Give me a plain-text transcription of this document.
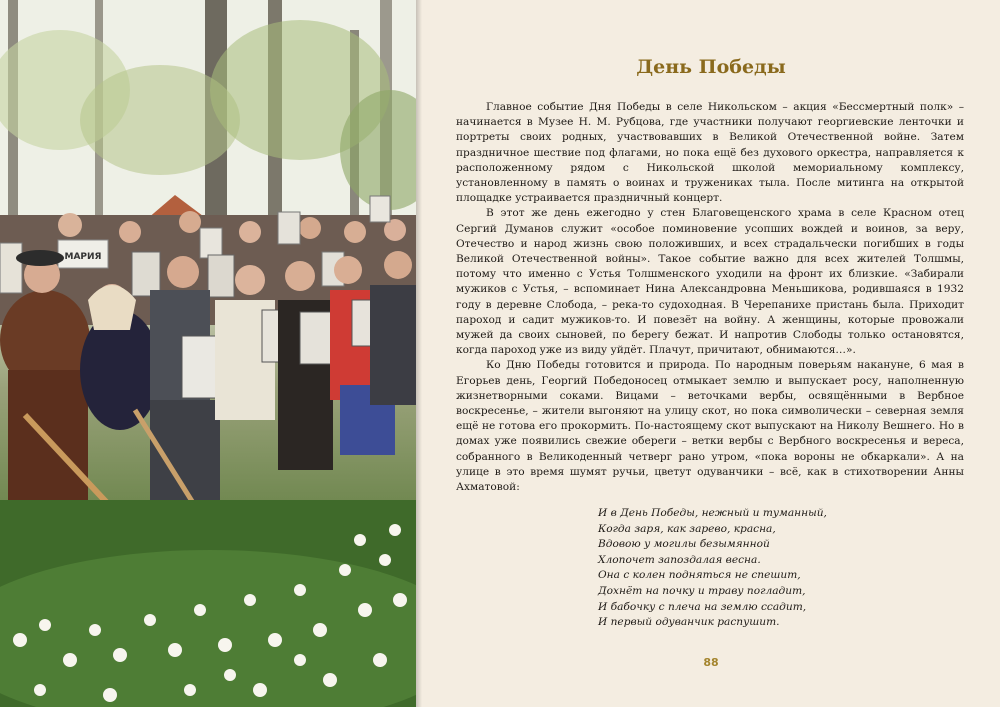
МАРИЯ
День Победы

Главное событие Дня Победы в селе Никольском – акция «Бессмертный полк» – начинается в Музее Н. М. Рубцова, где участники получают георгиевские ленточки и портреты своих родных, участвовавших в Великой Отечественной войне. Затем праздничное шествие под флагами, но пока ещё без духового оркестра, направляется к расположенному рядом с Никольской школой мемориальному комплексу, установленному в память о воинах и тружениках тыла. После митинга на открытой площадке устраивается праздничный концерт.

В этот же день ежегодно у стен Благовещенского храма в селе Красном отец Сергий Думанов служит «особое поминовение усопших вождей и воинов, за веру, Отечество и народ жизнь свою положивших, и всех страдальчески погибших в годы Великой Отечественной войны». Такое событие важно для всех жителей Толшмы, потому что именно с Устья Толшменского уходили на фронт их близкие. «Забирали мужиков с Устья, – вспоминает Нина Александровна Меньшикова, родившаяся в 1932 году в деревне Слобода, – река-то судоходная. В Черепанихе пристань была. Приходит пароход и садит мужиков-то. И повезёт на войну. А женщины, которые провожали мужей да своих сыновей, по берегу бежат. И напротив Слободы только остановятся, когда пароход уже из виду уйдёт. Плачут, причитают, обнимаются…».

Ко Дню Победы готовится и природа. По народным поверьям накануне, 6 мая в Егорьев день, Георгий Победоносец отмыкает землю и выпускает росу, наполненную жизнетворными соками. Вицами – веточками вербы, освящёнными в Вербное воскресенье, – жители выгоняют на улицу скот, но пока символически – северная земля ещё не готова его прокормить. По-настоящему скот выпускают на Николу Вешнего. Но в домах уже появились свежие обереги – ветки вербы с Вербного воскресенья и вереса, собранного в Великоденный четверг рано утром, «пока вороны не обкаркали». А на улице в это время шумят ручьи, цветут одуванчики – всё, как в стихотворении Анны Ахматовой:

И в День Победы, нежный и туманный,
Когда заря, как зарево, красна,
Вдовою у могилы безымянной
Хлопочет запоздалая весна.
Она с колен подняться не спешит,
Дохнёт на почку и траву погладит,
И бабочку с плеча на землю ссадит,
И первый одуванчик распушит.
88
